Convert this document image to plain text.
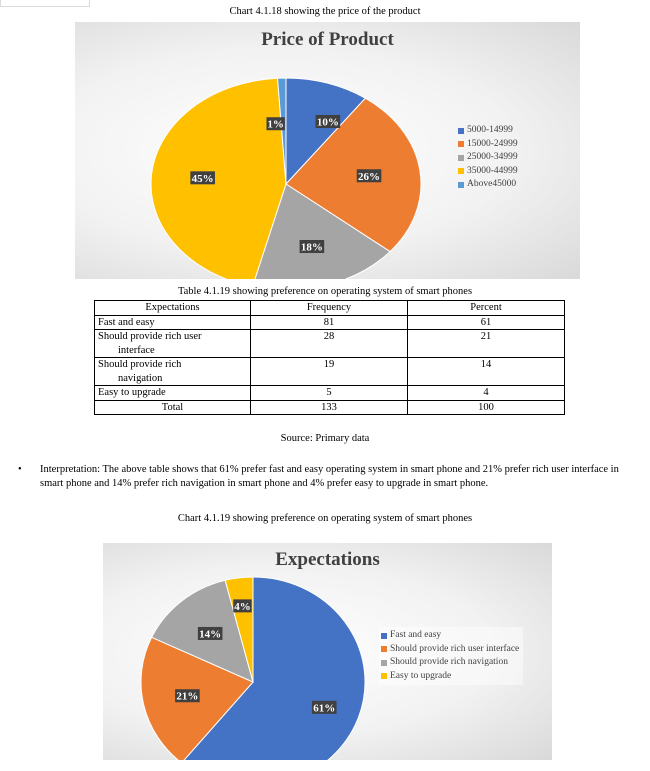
Chart 4.1.18 showing the price of the product
Price of Product
10%
26%
18%
45%
1%	5000-14999
15000-24999
25000-34999
35000-44999
Above45000
Table 4.1.19 showing preference on operating system of smart phones
Expectations	Frequency	Percent
Fast and easy	81	61
Should provide rich user
interface	28	21
Should provide rich
navigation	19	14
Easy to upgrade	5	4
Total	133	100
Source: Primary data
• Interpretation: The above table shows that 61% prefer fast and easy operating system in smart phone and 21% prefer rich user interface in smart phone and 14% prefer rich navigation in smart phone and 4% prefer easy to upgrade in smart phone.
Chart 4.1.19 showing preference on operating system of smart phones
Expectations
61%
21%
14%
4%
Fast and easy
Should provide rich user interface
Should provide rich navigation
Easy to upgrade
